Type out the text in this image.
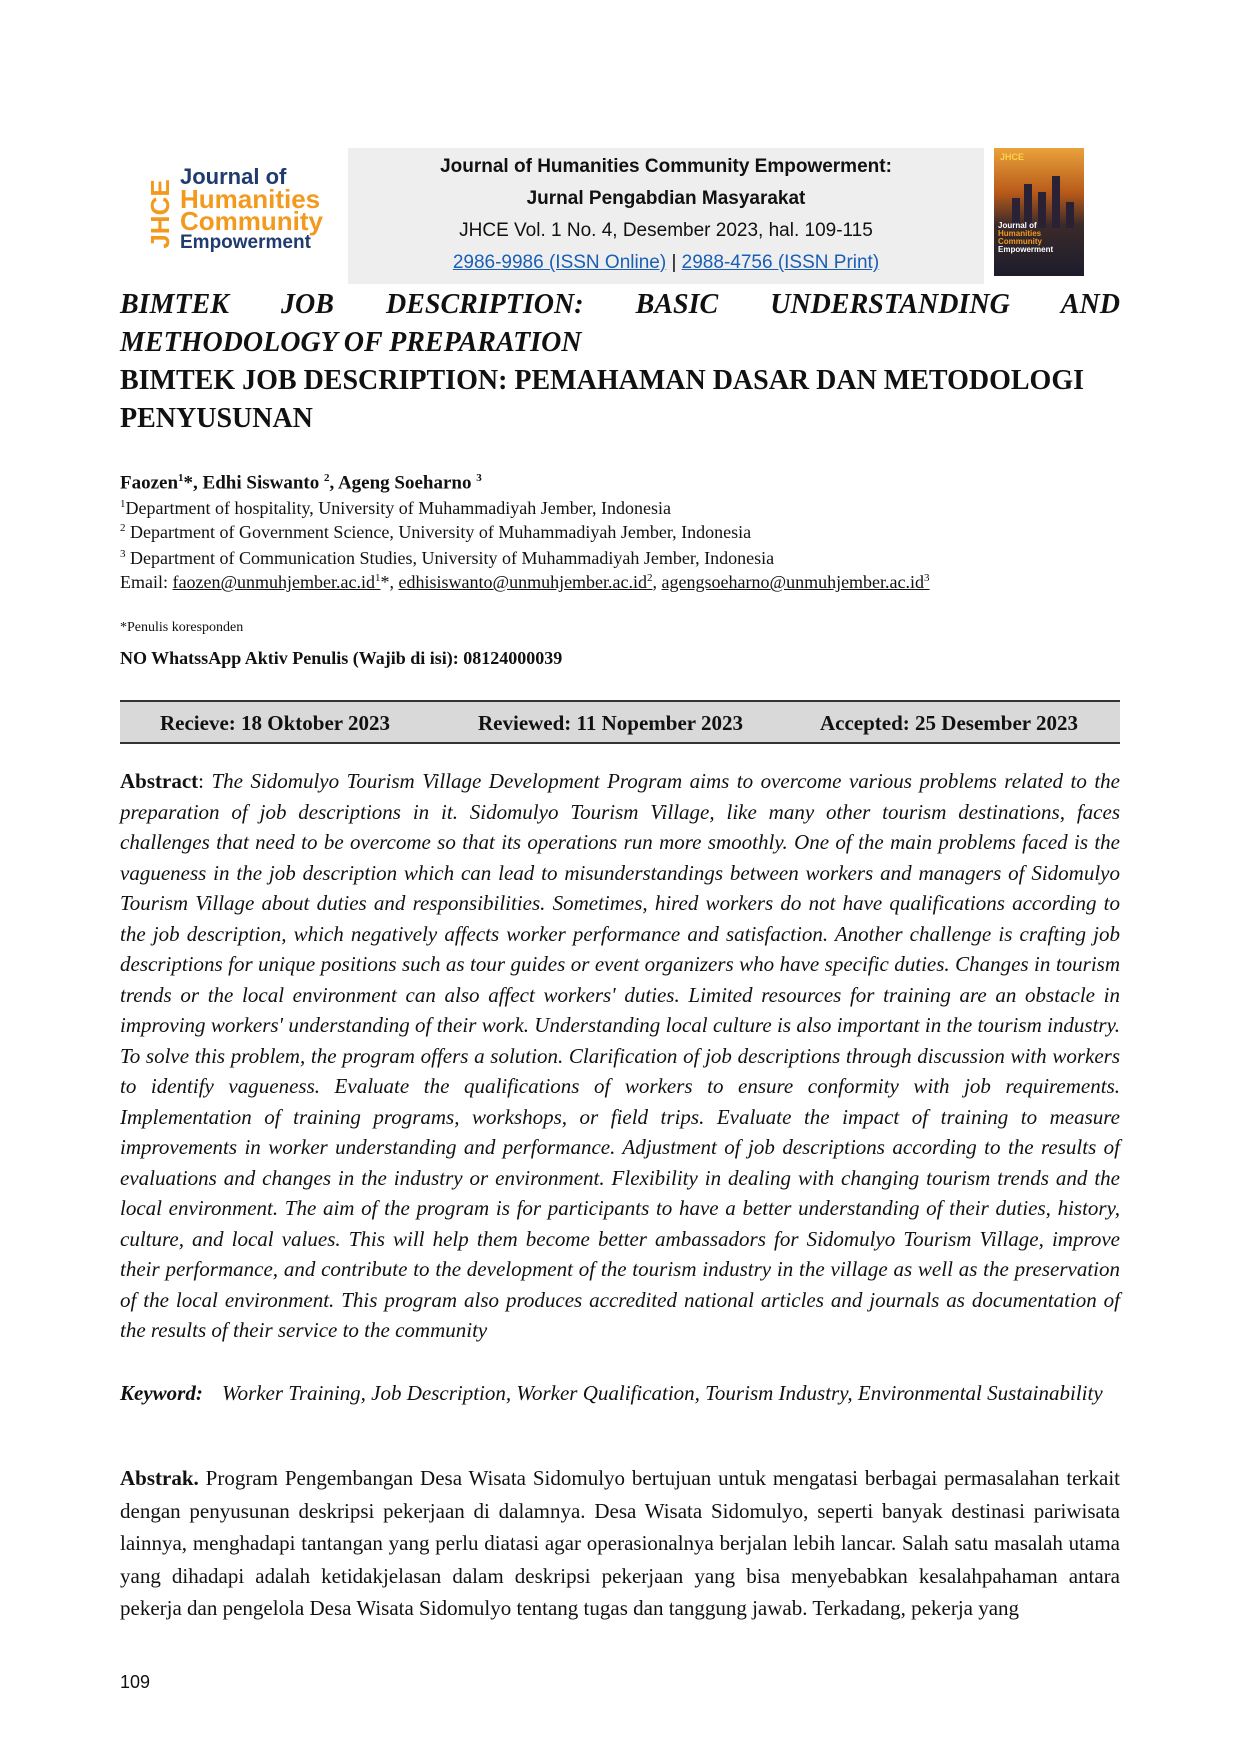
JHCE
Journal of
Humanities
Community
Empowerment
Journal of Humanities Community Empowerment:
Jurnal Pengabdian Masyarakat
JHCE Vol. 1 No. 4, Desember 2023, hal. 109-115
2986-9986 (ISSN Online) | 2988-4756 (ISSN Print)
JHCE
Journal of
Humanities
Community
Empowerment
BIMTEK JOB DESCRIPTION: BASIC UNDERSTANDING AND
METHODOLOGY OF PREPARATION
BIMTEK JOB DESCRIPTION: PEMAHAMAN DASAR DAN METODOLOGI PENYUSUNAN
Faozen$^1$*, Edhi Siswanto $^2$, Ageng Soeharno $^3$
$^1$Department of hospitality, University of Muhammadiyah Jember, Indonesia
$^2$ Department of Government Science, University of Muhammadiyah Jember, Indonesia
$^3$ Department of Communication Studies, University of Muhammadiyah Jember, Indonesia
Email: $faozen@unmuhjember.ac.id^1*$, $edhisiswanto@unmuhjember.ac.id^2$, $agengsoeharno@unmuhjember.ac.id^3$
*Penulis koresponden
NO WhatssApp Aktiv Penulis (Wajib di isi): 08124000039
Recieve: 18 Oktober 2023	Reviewed: 11 Nopember 2023	Accepted: 25 Desember 2023
Abstract: The Sidomulyo Tourism Village Development Program aims to overcome various problems related to the preparation of job descriptions in it. Sidomulyo Tourism Village, like many other tourism destinations, faces challenges that need to be overcome so that its operations run more smoothly. One of the main problems faced is the vagueness in the job description which can lead to misunderstandings between workers and managers of Sidomulyo Tourism Village about duties and responsibilities. Sometimes, hired workers do not have qualifications according to the job description, which negatively affects worker performance and satisfaction. Another challenge is crafting job descriptions for unique positions such as tour guides or event organizers who have specific duties. Changes in tourism trends or the local environment can also affect workers' duties. Limited resources for training are an obstacle in improving workers' understanding of their work. Understanding local culture is also important in the tourism industry. To solve this problem, the program offers a solution. Clarification of job descriptions through discussion with workers to identify vagueness. Evaluate the qualifications of workers to ensure conformity with job requirements. Implementation of training programs, workshops, or field trips. Evaluate the impact of training to measure improvements in worker understanding and performance. Adjustment of job descriptions according to the results of evaluations and changes in the industry or environment. Flexibility in dealing with changing tourism trends and the local environment. The aim of the program is for participants to have a better understanding of their duties, history, culture, and local values. This will help them become better ambassadors for Sidomulyo Tourism Village, improve their performance, and contribute to the development of the tourism industry in the village as well as the preservation of the local environment. This program also produces accredited national articles and journals as documentation of the results of their service to the community
Keyword: Worker Training, Job Description, Worker Qualification, Tourism Industry, Environmental Sustainability
Abstrak. Program Pengembangan Desa Wisata Sidomulyo bertujuan untuk mengatasi berbagai permasalahan terkait dengan penyusunan deskripsi pekerjaan di dalamnya. Desa Wisata Sidomulyo, seperti banyak destinasi pariwisata lainnya, menghadapi tantangan yang perlu diatasi agar operasionalnya berjalan lebih lancar. Salah satu masalah utama yang dihadapi adalah ketidakjelasan dalam deskripsi pekerjaan yang bisa menyebabkan kesalahpahaman antara pekerja dan pengelola Desa Wisata Sidomulyo tentang tugas dan tanggung jawab. Terkadang, pekerja yang
109
